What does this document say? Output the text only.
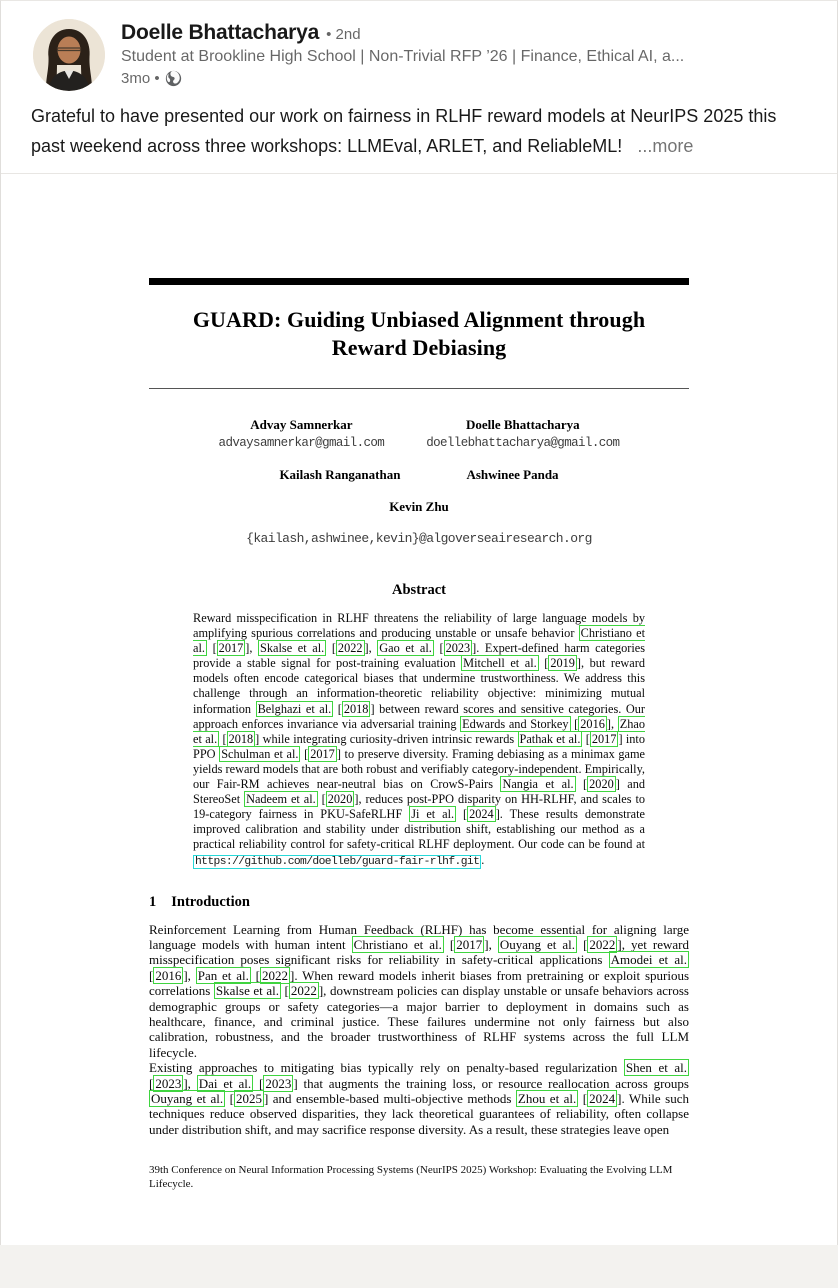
Doelle Bhattacharya • 2nd
Student at Brookline High School | Non-Trivial RFP ’26 | Finance, Ethical AI, a...
3mo •
Grateful to have presented our work on fairness in RLHF reward models at NeurIPS 2025 this past weekend across three workshops: LLMEval, ARLET, and ReliableML! ...more
GUARD: Guiding Unbiased Alignment through Reward Debiasing
Advay Samnerkar
advaysamnerkar@gmail.com
Doelle Bhattacharya
doellebhattacharya@gmail.com
Kailash Ranganathan	Ashwinee Panda
Kevin Zhu
{kailash,ashwinee,kevin}@algoverseairesearch.org
Abstract

Reward misspecification in RLHF threatens the reliability of large language models by amplifying spurious correlations and producing unstable or unsafe behavior Christiano et al. [ 2017 ], Skalse et al. [ 2022 ], Gao et al. [ 2023 ]. Expert-defined harm categories provide a stable signal for post-training evaluation Mitchell et al. [ 2019 ], but reward models often encode categorical biases that undermine trustworthiness. We address this challenge through an information-theoretic reliability objective: minimizing mutual information Belghazi et al. [ 2018 ] between reward scores and sensitive categories. Our approach enforces invariance via adversarial training Edwards and Storkey [ 2016 ], Zhao et al. [ 2018 ] while integrating curiosity-driven intrinsic rewards Pathak et al. [ 2017 ] into PPO Schulman et al. [ 2017 ] to preserve diversity. Framing debiasing as a minimax game yields reward models that are both robust and verifiably category-independent. Empirically, our Fair-RM achieves near-neutral bias on CrowS-Pairs Nangia et al. [ 2020 ] and StereoSet Nadeem et al. [ 2020 ], reduces post-PPO disparity on HH-RLHF, and scales to 19-category fairness in PKU-SafeRLHF Ji et al. [ 2024 ]. These results demonstrate improved calibration and stability under distribution shift, establishing our method as a practical reliability control for safety-critical RLHF deployment. Our code can be found at https://github.com/doelleb/guard-fair-rlhf.git .

1 Introduction

Reinforcement Learning from Human Feedback (RLHF) has become essential for aligning large language models with human intent Christiano et al. [ 2017 ], Ouyang et al. [ 2022 ], yet reward misspecification poses significant risks for reliability in safety-critical applications Amodei et al. [ 2016 ], Pan et al. [ 2022 ]. When reward models inherit biases from pretraining or exploit spurious correlations Skalse et al. [ 2022 ], downstream policies can display unstable or unsafe behaviors across demographic groups or safety categories—a major barrier to deployment in domains such as healthcare, finance, and criminal justice. These failures undermine not only fairness but also calibration, robustness, and the broader trustworthiness of RLHF systems across the full LLM lifecycle.

Existing approaches to mitigating bias typically rely on penalty-based regularization Shen et al. [ 2023 ], Dai et al. [ 2023 ] that augments the training loss, or resource reallocation across groups Ouyang et al. [ 2025 ] and ensemble-based multi-objective methods Zhou et al. [ 2024 ]. While such techniques reduce observed disparities, they lack theoretical guarantees of reliability, often collapse under distribution shift, and may sacrifice response diversity. As a result, these strategies leave open

39th Conference on Neural Information Processing Systems (NeurIPS 2025) Workshop: Evaluating the Evolving LLM Lifecycle.
